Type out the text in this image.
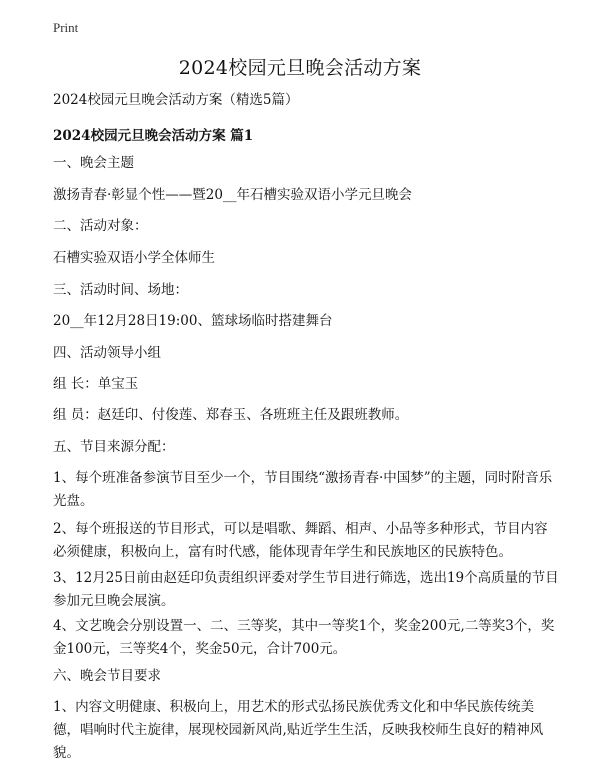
Print
2024校园元旦晚会活动方案

2024校园元旦晚会活动方案（精选5篇）

2024校园元旦晚会活动方案 篇1

一、晚会主题

激扬青春·彰显个性——暨20__年石槽实验双语小学元旦晚会

二、活动对象：

石槽实验双语小学全体师生

三、活动时间、场地：

20__年12月28日19:00、篮球场临时搭建舞台

四、活动领导小组

组 长：单宝玉

组 员：赵廷印、付俊莲、郑春玉、各班班主任及跟班教师。

五、节目来源分配：

1、每个班准备参演节目至少一个，节目围绕“激扬青春·中国梦”的主题，同时附音乐光盘。

2、每个班报送的节目形式，可以是唱歌、舞蹈、相声、小品等多种形式，节目内容必须健康，积极向上，富有时代感，能体现青年学生和民族地区的民族特色。

3、12月25日前由赵廷印负责组织评委对学生节目进行筛选，选出19个高质量的节目参加元旦晚会展演。

4、文艺晚会分别设置一、二、三等奖，其中一等奖1个，奖金200元,二等奖3个，奖金100元，三等奖4个，奖金50元，合计700元。

六、晚会节目要求

1、内容文明健康、积极向上，用艺术的形式弘扬民族优秀文化和中华民族传统美德，唱响时代主旋律，展现校园新风尚,贴近学生生活，反映我校师生良好的精神风貌。
